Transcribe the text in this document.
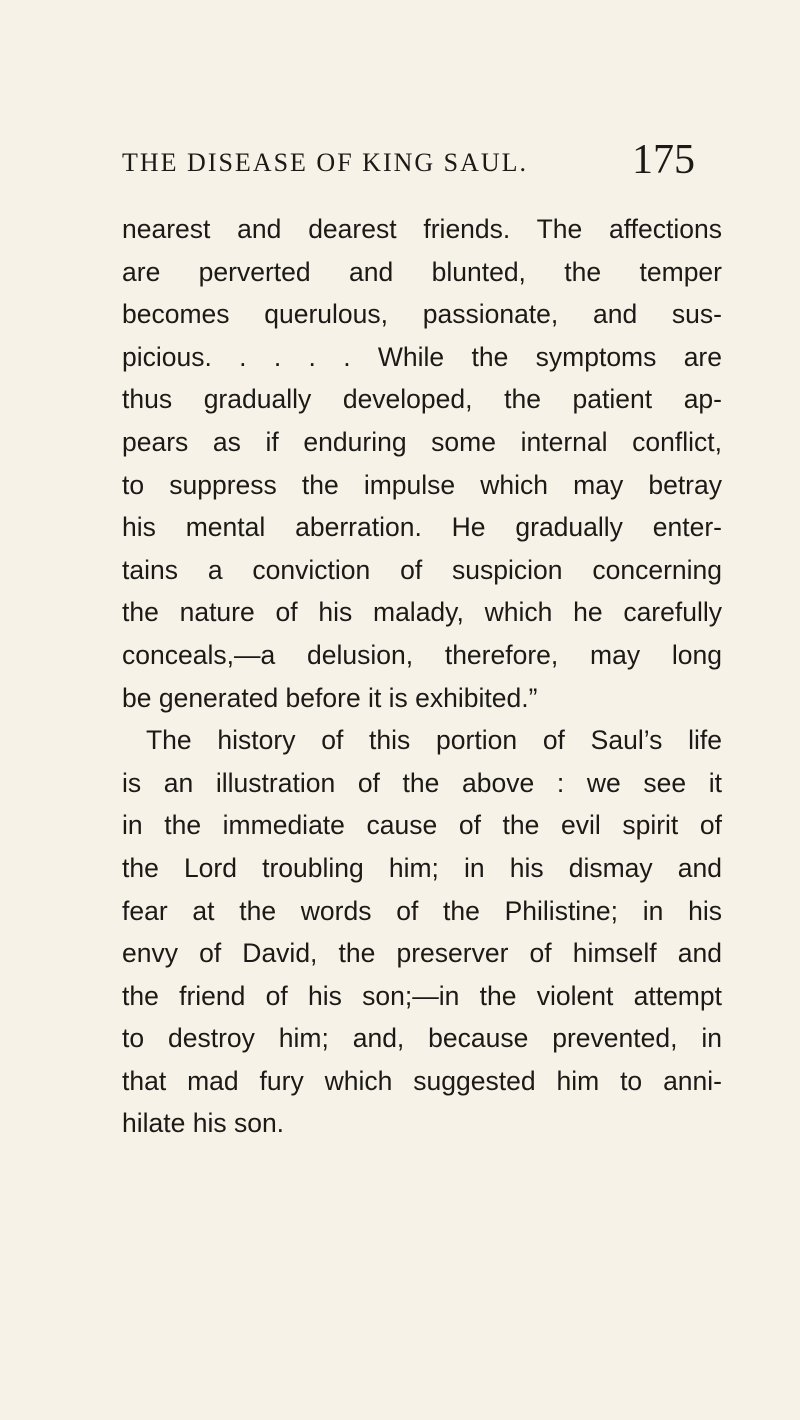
THE DISEASE OF KING SAUL. 175
nearest and dearest friends. The affections
are perverted and blunted, the temper
becomes querulous, passionate, and sus-
picious. . . . . While the symptoms are
thus gradually developed, the patient ap-
pears as if enduring some internal conflict,
to suppress the impulse which may betray
his mental aberration. He gradually enter-
tains a conviction of suspicion concerning
the nature of his malady, which he carefully
conceals,—a delusion, therefore, may long
be generated before it is exhibited.”
The history of this portion of Saul’s life
is an illustration of the above : we see it
in the immediate cause of the evil spirit of
the Lord troubling him; in his dismay and
fear at the words of the Philistine; in his
envy of David, the preserver of himself and
the friend of his son;—in the violent attempt
to destroy him; and, because prevented, in
that mad fury which suggested him to anni-
hilate his son.
